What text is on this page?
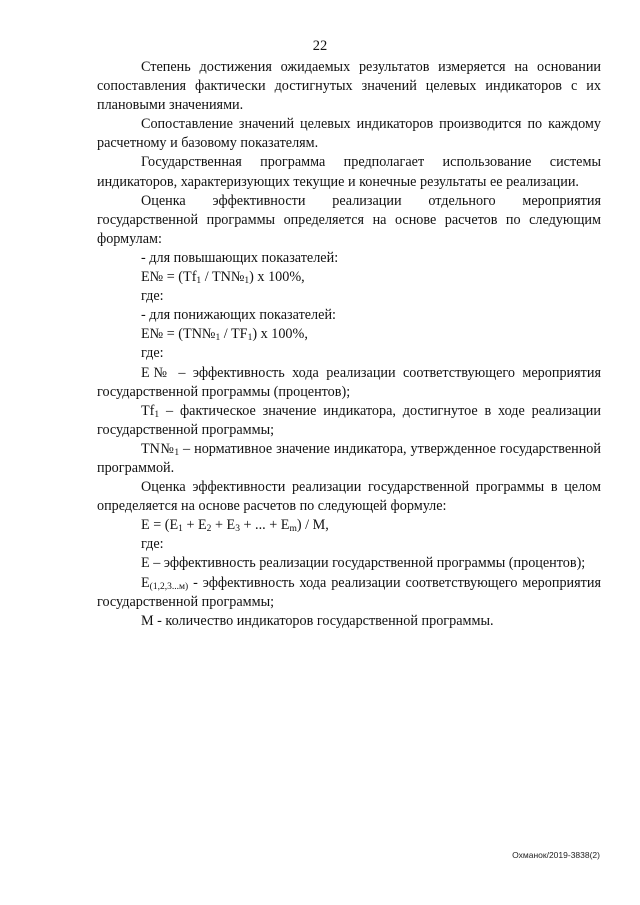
22

Степень достижения ожидаемых результатов измеряется на основании сопоставления фактически достигнутых значений целевых индикаторов с их плановыми значениями.

Сопоставление значений целевых индикаторов производится по каждому расчетному и базовому показателям.

Государственная программа предполагает использование системы индикаторов, характеризующих текущие и конечные результаты ее реализации.

Оценка эффективности реализации отдельного мероприятия государственной программы определяется на основе расчетов по следующим формулам:

- для повышающих показателей:

E№ = ($Tf_1$ / $TN№_1$) x 100%,

где:

- для понижающих показателей:

E№ = $(TN№_1 / TF_1)$ x 100%,

где:

E№ – эффективность хода реализации соответствующего мероприятия государственной программы (процентов);

$Tf_1$ – фактическое значение индикатора, достигнутое в ходе реализации государственной программы;

$TN№_1$ – нормативное значение индикатора, утвержденное государственной программой.

Оценка эффективности реализации государственной программы в целом определяется на основе расчетов по следующей формуле:

$E = (E_1 + E_2 + E_3$ + ... + $E_m$) / M,

где:

E – эффективность реализации государственной программы (процентов);

$E_{(1,2,3...м)}$ - эффективность хода реализации соответствующего мероприятия государственной программы;

M - количество индикаторов государственной программы.

Охманок/2019-3838(2)
